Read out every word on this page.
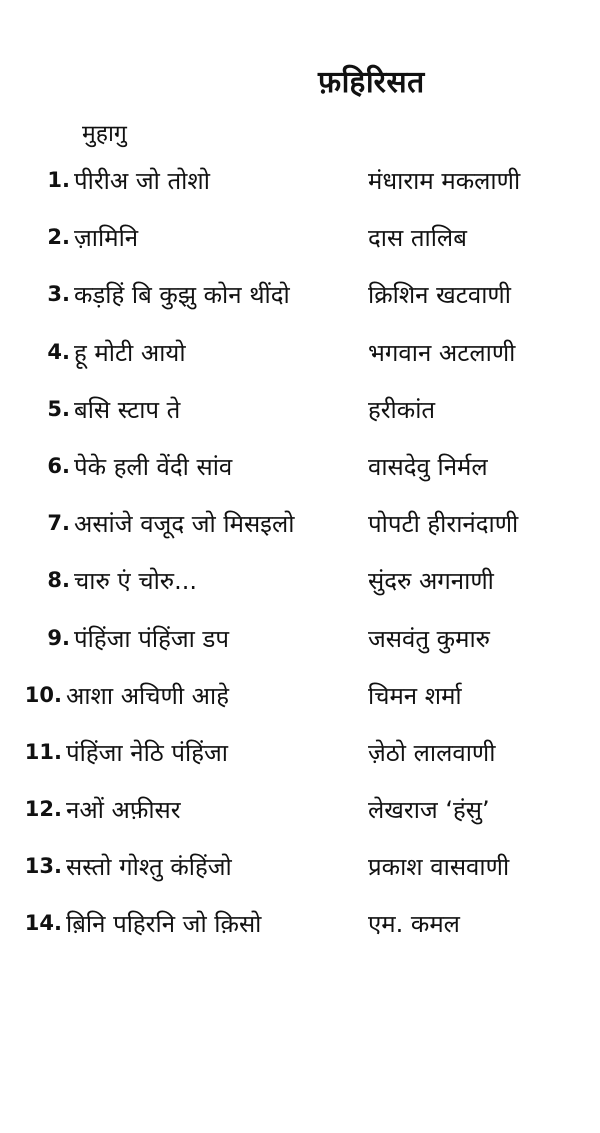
फ़हिरिसत
मुहागु
1. पीरीअ जो तोशो	मंधाराम मकलाणी
2. ज़ामिनि	दास तालिब
3. कड़हिं बि कुझु कोन थींदो	क्रिशिन खटवाणी
4. हू मोटी आयो	भगवान अटलाणी
5. बसि स्टाप ते	हरीकांत
6. पेके हली वेंदी सांव	वासदेवु निर्मल
7. असांजे वजूद जो मिसइलो	पोपटी हीरानंदाणी
8. चारु एं चोरु...	सुंदरु अगनाणी
9. पंहिंजा पंहिंजा डप	जसवंतु कुमारु
10. आशा अचिणी आहे	चिमन शर्मा
11. पंहिंजा नेठि पंहिंजा	ज़ेठो लालवाणी
12. नओं अफ़ीसर	लेखराज ‘हंसु’
13. सस्तो गोश्तु कंहिंजो	प्रकाश वासवाणी
14. ब़िनि पहिरनि जो क़िसो	एम. कमल
